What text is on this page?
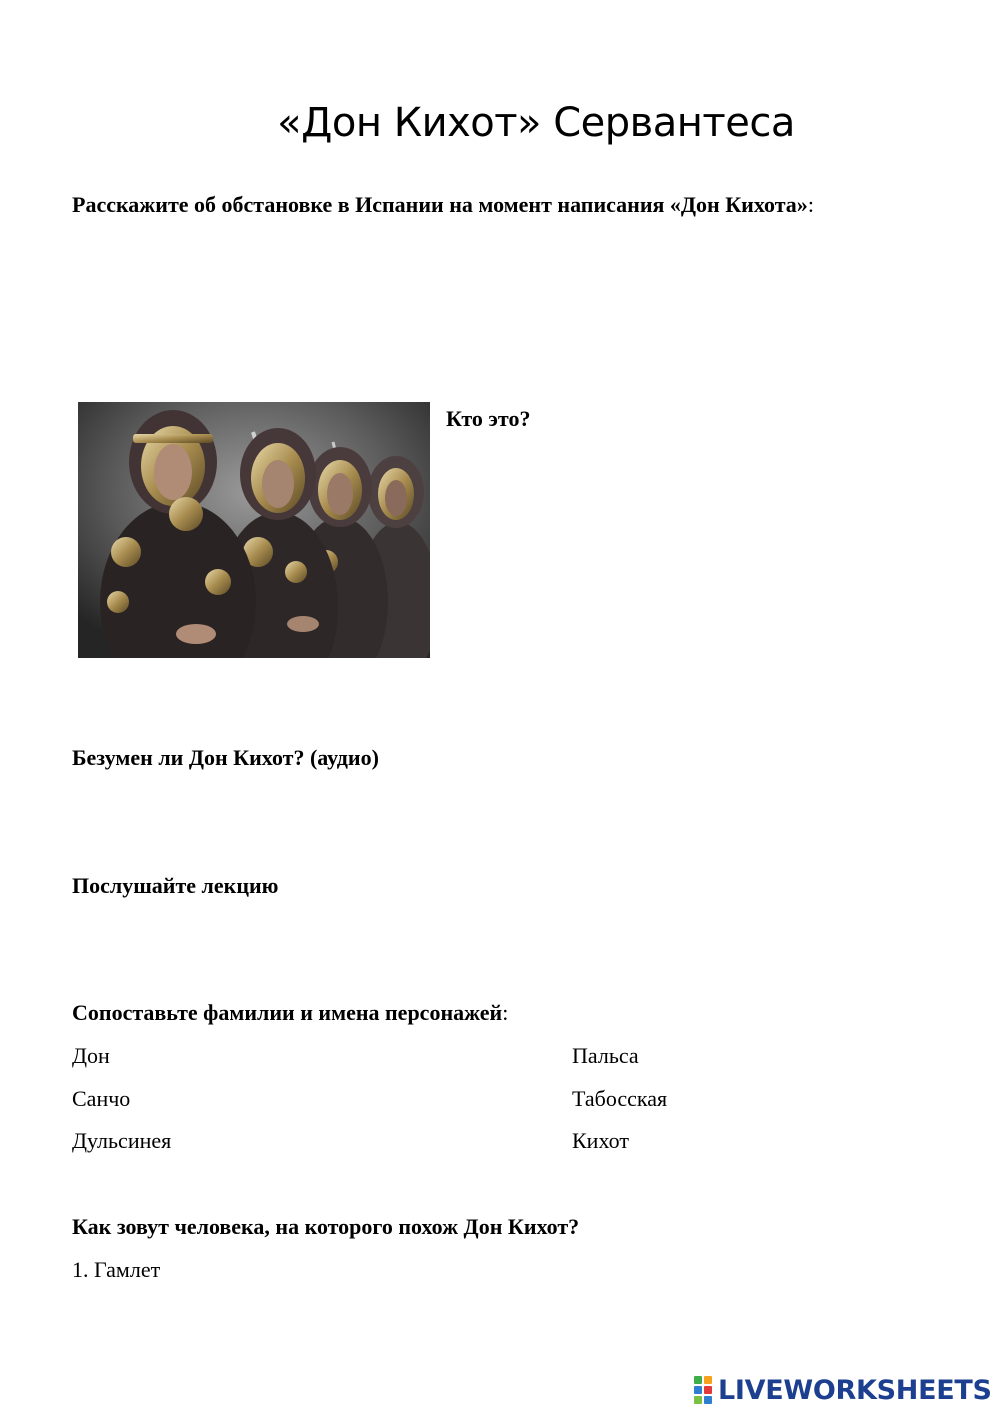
«Дон Кихот» Сервантеса

Расскажите об обстановке в Испании на момент написания «Дон Кихота»:

Кто это?

Безумен ли Дон Кихот? (аудио)

Послушайте лекцию

Сопоставьте фамилии и имена персонажей:

Дон

Санчо

Дульсинея

Пальса

Табосская

Кихот

Как зовут человека, на которого похож Дон Кихот?

1. Гамлет

LIVEWORKSHEETS
